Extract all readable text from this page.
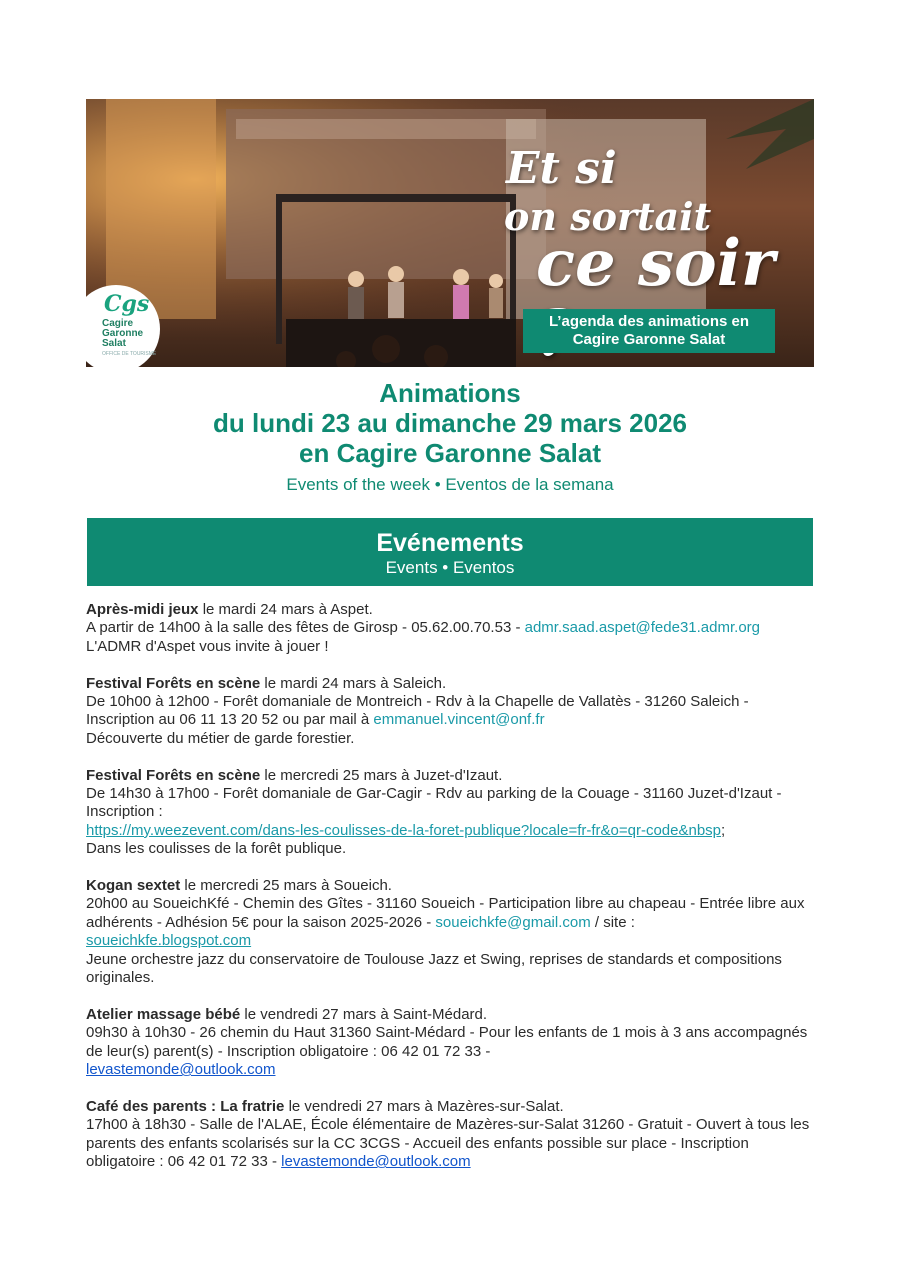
Et si
on sortait
ce soir
L’agenda des animations en
Cagire Garonne Salat
Cgs
Cagire
Garonne
Salat
OFFICE DE TOURISME
Animations
du lundi 23 au dimanche 29 mars 2026
en Cagire Garonne Salat
Events of the week • Eventos de la semana
Evénements
Events • Eventos
Après-midi jeux le mardi 24 mars à Aspet.
A partir de 14h00 à la salle des fêtes de Girosp - 05.62.00.70.53 - admr.saad.aspet@fede31.admr.org
L'ADMR d'Aspet vous invite à jouer !
Festival Forêts en scène le mardi 24 mars à Saleich.
De 10h00 à 12h00 - Forêt domaniale de Montreich - Rdv à la Chapelle de Vallatès - 31260 Saleich - Inscription au 06 11 13 20 52 ou par mail à emmanuel.vincent@onf.fr
Découverte du métier de garde forestier.
Festival Forêts en scène le mercredi 25 mars à Juzet-d'Izaut.
De 14h30 à 17h00 - Forêt domaniale de Gar-Cagir - Rdv au parking de la Couage - 31160 Juzet-d'Izaut - Inscription :
https://my.weezevent.com/dans-les-coulisses-de-la-foret-publique?locale=fr-fr&o=qr-code&nbsp;
Dans les coulisses de la forêt publique.
Kogan sextet le mercredi 25 mars à Soueich.
20h00 au SoueichKfé - Chemin des Gîtes - 31160 Soueich - Participation libre au chapeau - Entrée libre aux adhérents - Adhésion 5€ pour la saison 2025-2026 - soueichkfe@gmail.com / site :
soueichkfe.blogspot.com
Jeune orchestre jazz du conservatoire de Toulouse Jazz et Swing, reprises de standards et compositions originales.
Atelier massage bébé le vendredi 27 mars à Saint-Médard.
09h30 à 10h30 - 26 chemin du Haut 31360 Saint-Médard - Pour les enfants de 1 mois à 3 ans accompagnés de leur(s) parent(s) - Inscription obligatoire : 06 42 01 72 33 -
levastemonde@outlook.com
Café des parents : La fratrie le vendredi 27 mars à Mazères-sur-Salat.
17h00 à 18h30 - Salle de l'ALAE, École élémentaire de Mazères-sur-Salat 31260 - Gratuit - Ouvert à tous les parents des enfants scolarisés sur la CC 3CGS - Accueil des enfants possible sur place - Inscription obligatoire : 06 42 01 72 33 - levastemonde@outlook.com
